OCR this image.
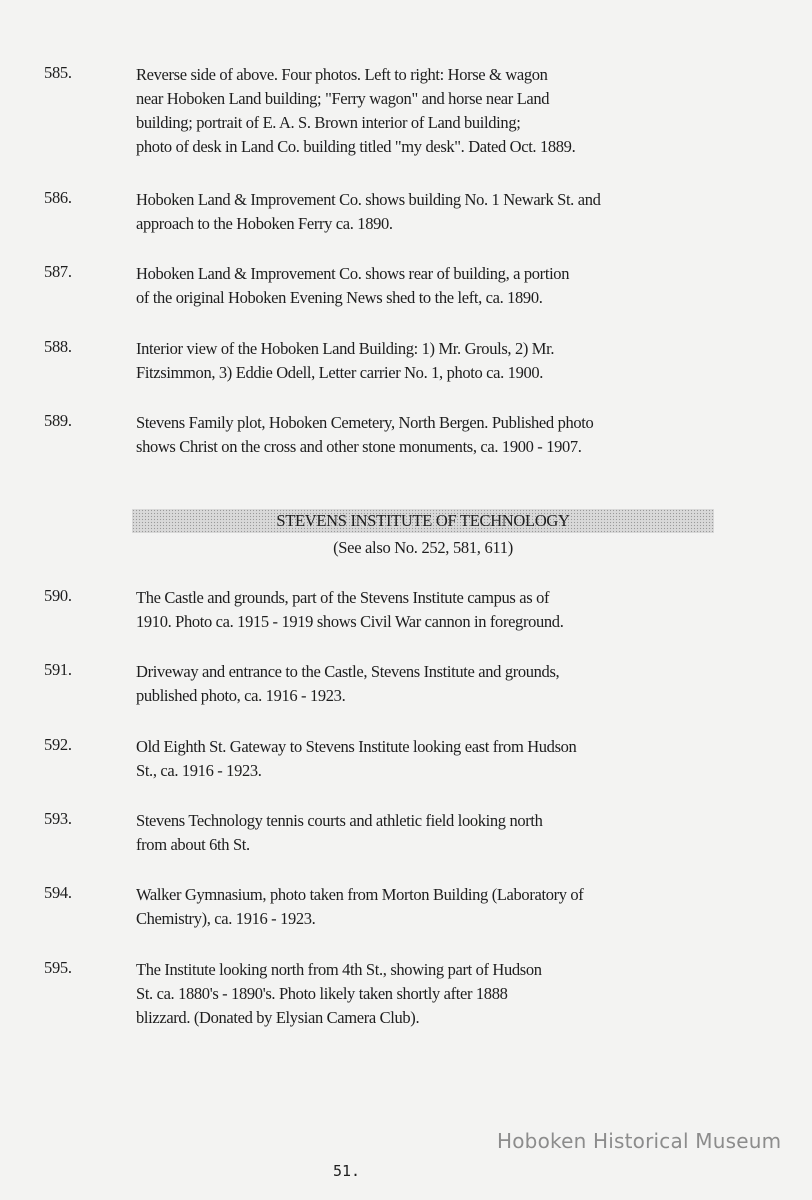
585.	Reverse side of above. Four photos. Left to right: Horse & wagon
near Hoboken Land building; "Ferry wagon" and horse near Land
building; portrait of E. A. S. Brown interior of Land building;
photo of desk in Land Co. building titled "my desk". Dated Oct. 1889.
586.	Hoboken Land & Improvement Co. shows building No. 1 Newark St. and
approach to the Hoboken Ferry ca. 1890.
587.	Hoboken Land & Improvement Co. shows rear of building, a portion
of the original Hoboken Evening News shed to the left, ca. 1890.
588.	Interior view of the Hoboken Land Building: 1) Mr. Grouls, 2) Mr.
Fitzsimmon, 3) Eddie Odell, Letter carrier No. 1, photo ca. 1900.
589.	Stevens Family plot, Hoboken Cemetery, North Bergen. Published photo
shows Christ on the cross and other stone monuments, ca. 1900 - 1907.
STEVENS INSTITUTE OF TECHNOLOGY
(See also No. 252, 581, 611)
590.	The Castle and grounds, part of the Stevens Institute campus as of
1910. Photo ca. 1915 - 1919 shows Civil War cannon in foreground.
591.	Driveway and entrance to the Castle, Stevens Institute and grounds,
published photo, ca. 1916 - 1923.
592.	Old Eighth St. Gateway to Stevens Institute looking east from Hudson
St., ca. 1916 - 1923.
593.	Stevens Technology tennis courts and athletic field looking north
from about 6th St.
594.	Walker Gymnasium, photo taken from Morton Building (Laboratory of
Chemistry), ca. 1916 - 1923.
595.	The Institute looking north from 4th St., showing part of Hudson
St. ca. 1880's - 1890's. Photo likely taken shortly after 1888
blizzard. (Donated by Elysian Camera Club).
Hoboken Historical Museum
51.
